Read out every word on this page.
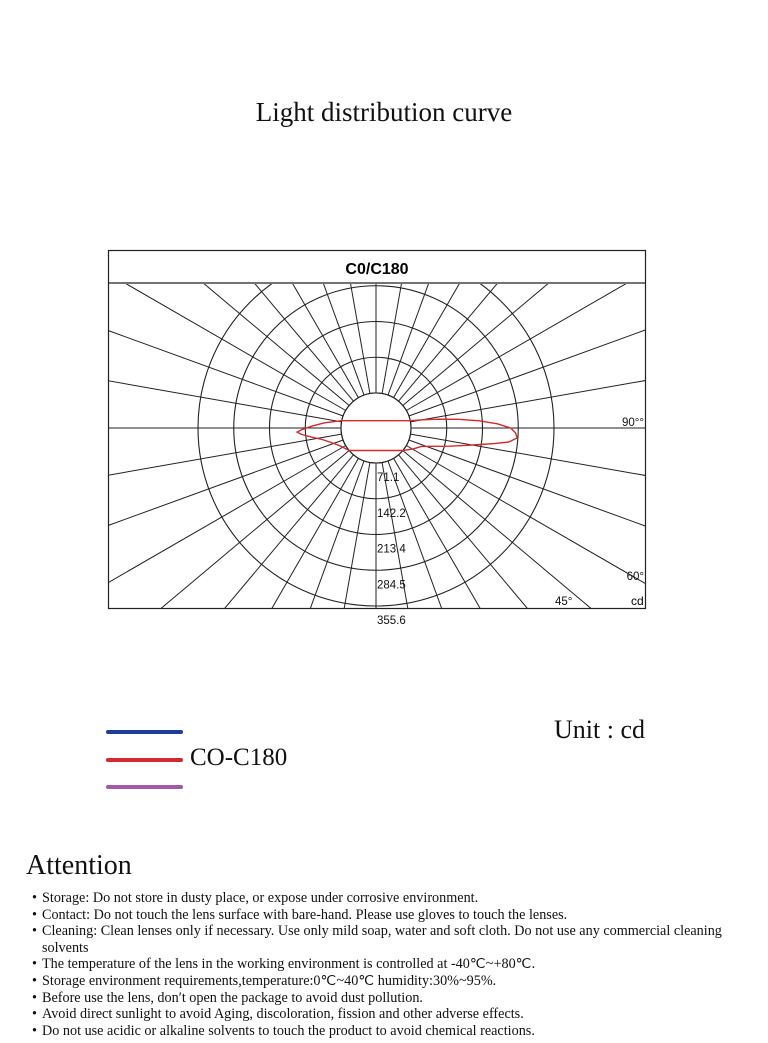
Light distribution curve
C0/C180
71.1
142.2
213.4
284.5
355.6
90°°
60°
45°	cd
CO-C180
Unit : cd
Attention
• Storage: Do not store in dusty place, or expose under corrosive environment.
• Contact: Do not touch the lens surface with bare-hand. Please use gloves to touch the lenses.
• Cleaning: Clean lenses only if necessary. Use only mild soap, water and soft cloth. Do not use any commercial cleaning solvents
• The temperature of the lens in the working environment is controlled at -40℃~+80℃.
• Storage environment requirements,temperature:0℃~40℃ humidity:30%~95%.
• Before use the lens, don′t open the package to avoid dust pollution.
• Avoid direct sunlight to avoid Aging, discoloration, fission and other adverse effects.
• Do not use acidic or alkaline solvents to touch the product to avoid chemical reactions.
